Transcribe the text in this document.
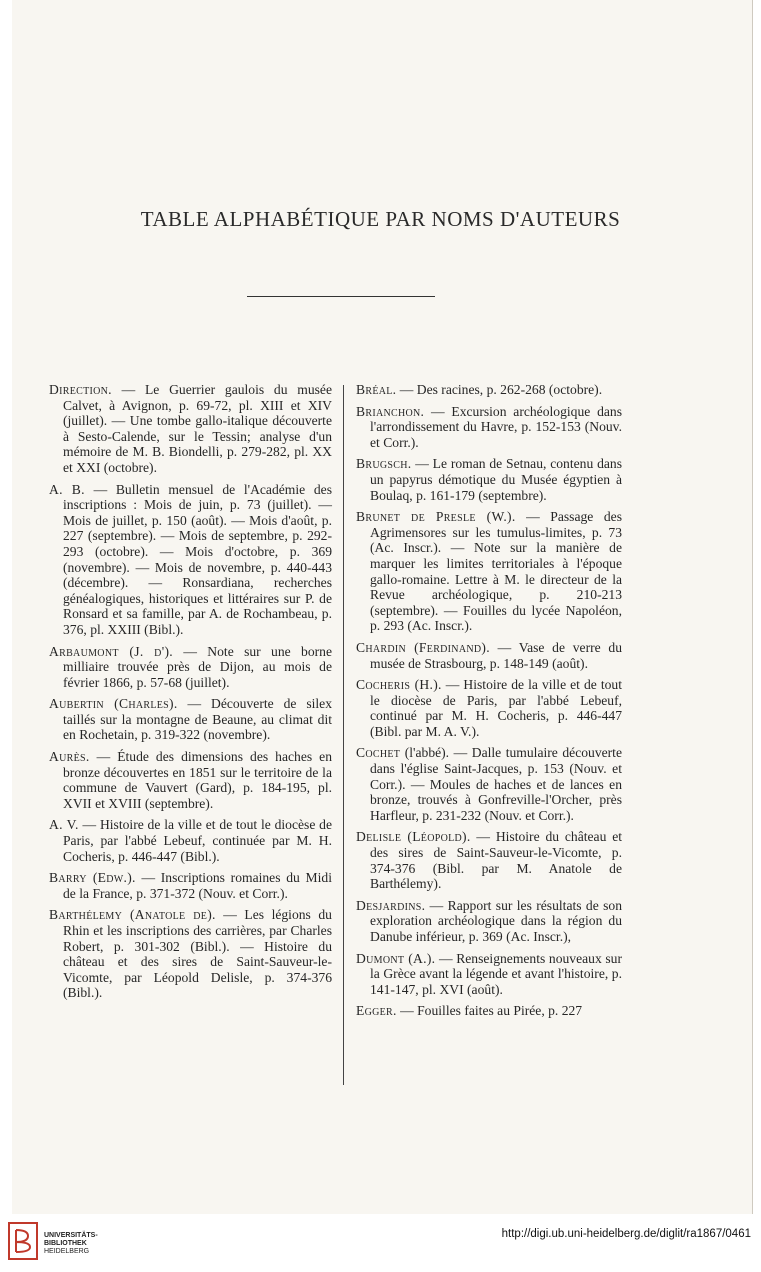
TABLE ALPHABÉTIQUE PAR NOMS D'AUTEURS
Direction. — Le Guerrier gaulois du musée Calvet, à Avignon, p. 69-72, pl. XIII et XIV (juillet). — Une tombe gallo-italique découverte à Sesto-Calende, sur le Tessin; analyse d'un mémoire de M. B. Biondelli, p. 279-282, pl. XX et XXI (octobre).
A. B. — Bulletin mensuel de l'Académie des inscriptions : Mois de juin, p. 73 (juillet). — Mois de juillet, p. 150 (août). — Mois d'août, p. 227 (septembre). — Mois de septembre, p. 292-293 (octobre). — Mois d'octobre, p. 369 (novembre). — Mois de novembre, p. 440-443 (décembre). — Ronsardiana, recherches généalogiques, historiques et littéraires sur P. de Ronsard et sa famille, par A. de Rochambeau, p. 376, pl. XXIII (Bibl.).
Arbaumont (J. d'). — Note sur une borne milliaire trouvée près de Dijon, au mois de février 1866, p. 57-68 (juillet).
Aubertin (Charles). — Découverte de silex taillés sur la montagne de Beaune, au climat dit en Rochetain, p. 319-322 (novembre).
Aurès. — Étude des dimensions des haches en bronze découvertes en 1851 sur le territoire de la commune de Vauvert (Gard), p. 184-195, pl. XVII et XVIII (septembre).
A. V. — Histoire de la ville et de tout le diocèse de Paris, par l'abbé Lebeuf, continuée par M. H. Cocheris, p. 446-447 (Bibl.).
Barry (Edw.). — Inscriptions romaines du Midi de la France, p. 371-372 (Nouv. et Corr.).
Barthélemy (Anatole de). — Les légions du Rhin et les inscriptions des carrières, par Charles Robert, p. 301-302 (Bibl.). — Histoire du château et des sires de Saint-Sauveur-le-Vicomte, par Léopold Delisle, p. 374-376 (Bibl.).
Bréal. — Des racines, p. 262-268 (octobre).
Brianchon. — Excursion archéologique dans l'arrondissement du Havre, p. 152-153 (Nouv. et Corr.).
Brugsch. — Le roman de Setnau, contenu dans un papyrus démotique du Musée égyptien à Boulaq, p. 161-179 (septembre).
Brunet de Presle (W.). — Passage des Agrimensores sur les tumulus-limites, p. 73 (Ac. Inscr.). — Note sur la manière de marquer les limites territoriales à l'époque gallo-romaine. Lettre à M. le directeur de la Revue archéologique, p. 210-213 (septembre). — Fouilles du lycée Napoléon, p. 293 (Ac. Inscr.).
Chardin (Ferdinand). — Vase de verre du musée de Strasbourg, p. 148-149 (août).
Cocheris (H.). — Histoire de la ville et de tout le diocèse de Paris, par l'abbé Lebeuf, continué par M. H. Cocheris, p. 446-447 (Bibl. par M. A. V.).
Cochet (l'abbé). — Dalle tumulaire découverte dans l'église Saint-Jacques, p. 153 (Nouv. et Corr.). — Moules de haches et de lances en bronze, trouvés à Gonfreville-l'Orcher, près Harfleur, p. 231-232 (Nouv. et Corr.).
Delisle (Léopold). — Histoire du château et des sires de Saint-Sauveur-le-Vicomte, p. 374-376 (Bibl. par M. Anatole de Barthélemy).
Desjardins. — Rapport sur les résultats de son exploration archéologique dans la région du Danube inférieur, p. 369 (Ac. Inscr.),
Dumont (A.). — Renseignements nouveaux sur la Grèce avant la légende et avant l'histoire, p. 141-147, pl. XVI (août).
Egger. — Fouilles faites au Pirée, p. 227
UNIVERSITÄTS-
BIBLIOTHEK
HEIDELBERG
http://digi.ub.uni-heidelberg.de/diglit/ra1867/0461
